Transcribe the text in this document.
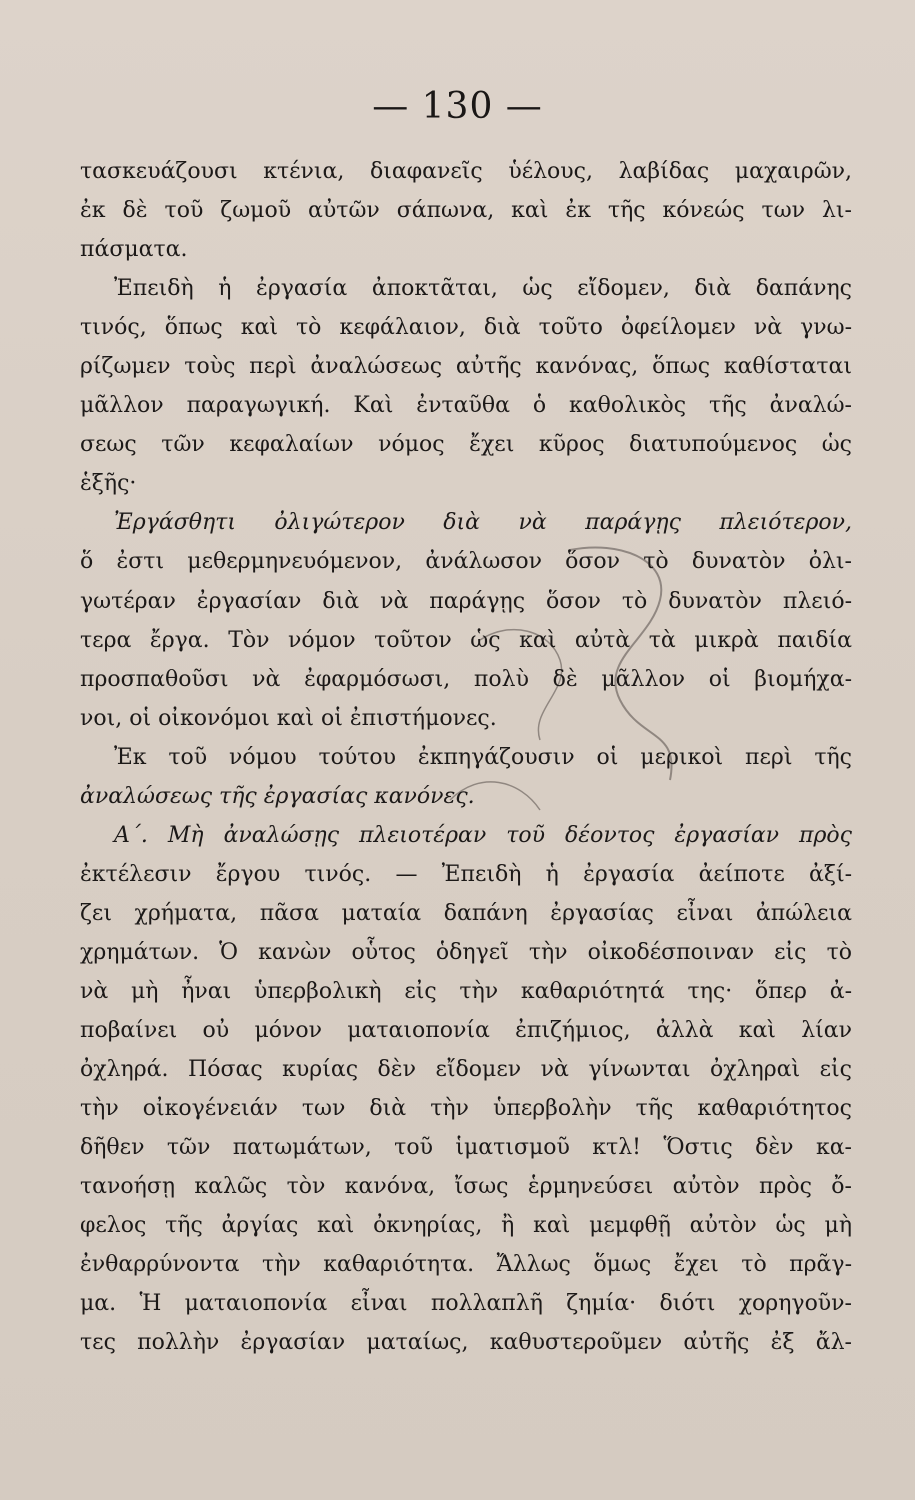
— 130 —
τασκευάζουσι κτένια, διαφανεῖς ὑέλους, λαβίδας μαχαιρῶν,
ἐκ δὲ τοῦ ζωμοῦ αὐτῶν σάπωνα, καὶ ἐκ τῆς κόνεώς των λι-
πάσματα.
Ἐπειδὴ ἡ ἐργασία ἀποκτᾶται, ὡς εἴδομεν, διὰ δαπάνης
τινός, ὅπως καὶ τὸ κεφάλαιον, διὰ τοῦτο ὀφείλομεν νὰ γνω-
ρίζωμεν τοὺς περὶ ἀναλώσεως αὐτῆς κανόνας, ὅπως καθίσταται
μᾶλλον παραγωγική. Καὶ ἐνταῦθα ὁ καθολικὸς τῆς ἀναλώ-
σεως τῶν κεφαλαίων νόμος ἔχει κῦρος διατυπούμενος ὡς
ἑξῆς·
Ἐργάσθητι ὀλιγώτερον διὰ νὰ παράγῃς πλειότερον,
ὅ ἐστι μεθερμηνευόμενον, ἀνάλωσον ὅσον τὸ δυνατὸν ὀλι-
γωτέραν ἐργασίαν διὰ νὰ παράγῃς ὅσον τὸ δυνατὸν πλειό-
τερα ἔργα. Τὸν νόμον τοῦτον ὡς καὶ αὐτὰ τὰ μικρὰ παιδία
προσπαθοῦσι νὰ ἐφαρμόσωσι, πολὺ δὲ μᾶλλον οἱ βιομήχα-
νοι, οἱ οἰκονόμοι καὶ οἱ ἐπιστήμονες.
Ἐκ τοῦ νόμου τούτου ἐκπηγάζουσιν οἱ μερικοὶ περὶ τῆς
ἀναλώσεως τῆς ἐργασίας κανόνες.
Α΄. Μὴ ἀναλώσῃς πλειοτέραν τοῦ δέοντος ἐργασίαν πρὸς
ἐκτέλεσιν ἔργου τινός. — Ἐπειδὴ ἡ ἐργασία ἀείποτε ἀξί-
ζει χρήματα, πᾶσα ματαία δαπάνη ἐργασίας εἶναι ἀπώλεια
χρημάτων. Ὁ κανὼν οὗτος ὁδηγεῖ τὴν οἰκοδέσποιναν εἰς τὸ
νὰ μὴ ἦναι ὑπερβολικὴ εἰς τὴν καθαριότητά της· ὅπερ ἀ-
ποβαίνει οὐ μόνον ματαιοπονία ἐπιζήμιος, ἀλλὰ καὶ λίαν
ὀχληρά. Πόσας κυρίας δὲν εἴδομεν νὰ γίνωνται ὀχληραὶ εἰς
τὴν οἰκογένειάν των διὰ τὴν ὑπερβολὴν τῆς καθαριότητος
δῆθεν τῶν πατωμάτων, τοῦ ἱματισμοῦ κτλ! Ὅστις δὲν κα-
τανοήσῃ καλῶς τὸν κανόνα, ἴσως ἑρμηνεύσει αὐτὸν πρὸς ὄ-
φελος τῆς ἀργίας καὶ ὀκνηρίας, ἢ καὶ μεμφθῇ αὐτὸν ὡς μὴ
ἐνθαρρύνοντα τὴν καθαριότητα. Ἄλλως ὅμως ἔχει τὸ πρᾶγ-
μα. Ἡ ματαιοπονία εἶναι πολλαπλῆ ζημία· διότι χορηγοῦν-
τες πολλὴν ἐργασίαν ματαίως, καθυστεροῦμεν αὐτῆς ἐξ ἄλ-
